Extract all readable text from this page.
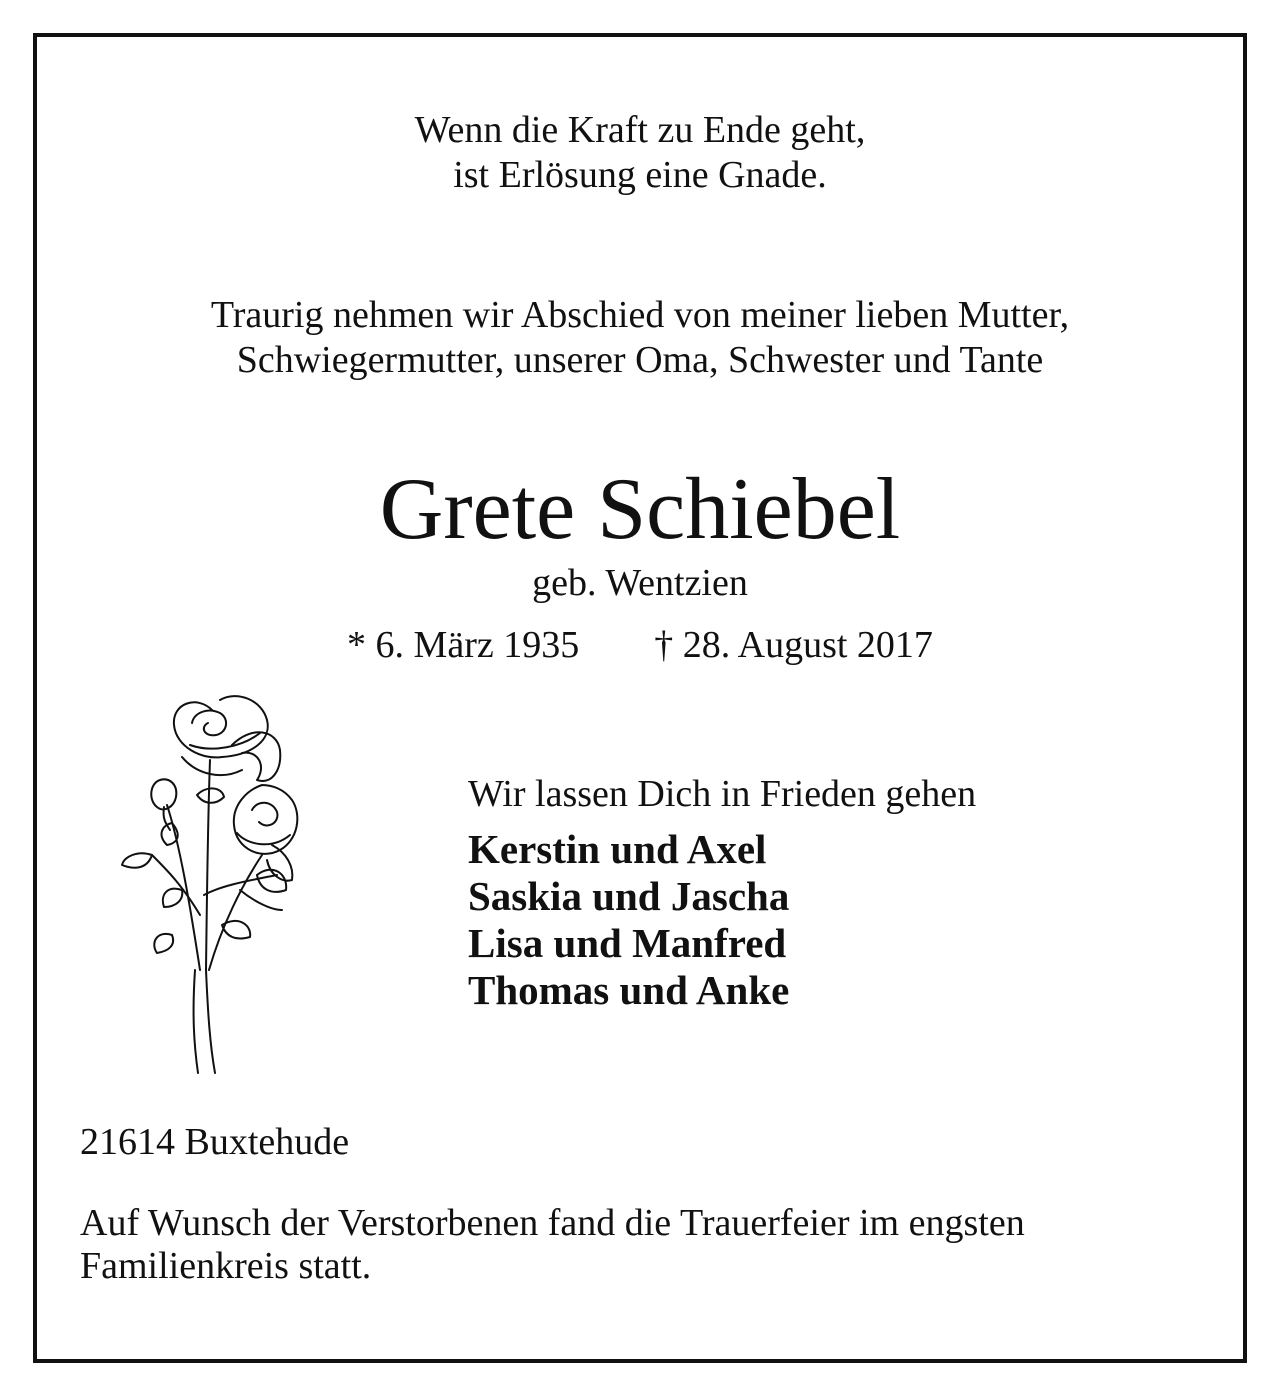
Wenn die Kraft zu Ende geht,
ist Erlösung eine Gnade.
Traurig nehmen wir Abschied von meiner lieben Mutter,
Schwiegermutter, unserer Oma, Schwester und Tante
Grete Schiebel
geb. Wentzien
* 6. März 1935 † 28. August 2017
Wir lassen Dich in Frieden gehen
Kerstin und Axel
Saskia und Jascha
Lisa und Manfred
Thomas und Anke
21614 Buxtehude
Auf Wunsch der Verstorbenen fand die Trauerfeier im engsten
Familienkreis statt.
